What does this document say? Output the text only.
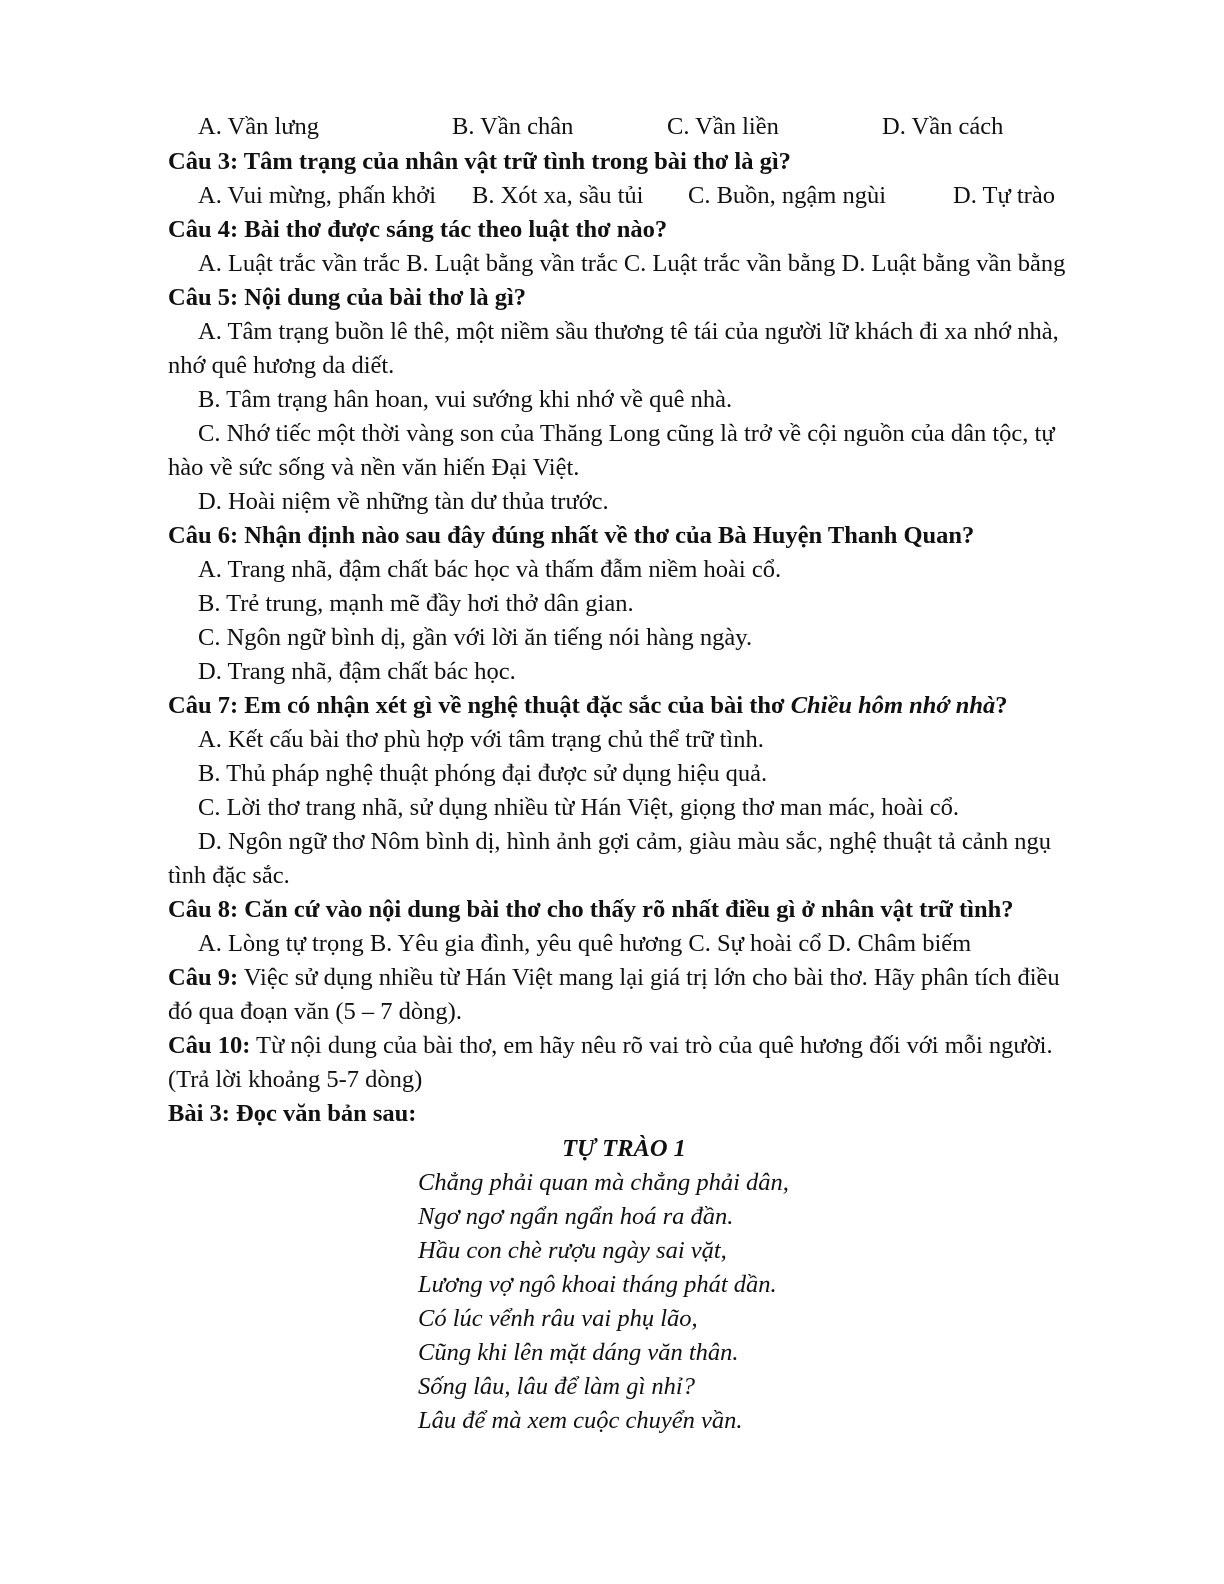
A. Vần lưng	B. Vần chân	C. Vần liền	D. Vần cách
Câu 3: Tâm trạng của nhân vật trữ tình trong bài thơ là gì?
A. Vui mừng, phấn khởi B. Xót xa, sầu tủi C. Buồn, ngậm ngùi	D. Tự trào
Câu 4: Bài thơ được sáng tác theo luật thơ nào?
A. Luật trắc vần trắc B. Luật bằng vần trắc C. Luật trắc vần bằng D. Luật bằng vần bằng
Câu 5: Nội dung của bài thơ là gì?
A. Tâm trạng buồn lê thê, một niềm sầu thương tê tái của người lữ khách đi xa nhớ nhà,
nhớ quê hương da diết.
B. Tâm trạng hân hoan, vui sướng khi nhớ về quê nhà.
C. Nhớ tiếc một thời vàng son của Thăng Long cũng là trở về cội nguồn của dân tộc, tự
hào về sức sống và nền văn hiến Đại Việt.
D. Hoài niệm về những tàn dư thủa trước.
Câu 6: Nhận định nào sau đây đúng nhất về thơ của Bà Huyện Thanh Quan?
A. Trang nhã, đậm chất bác học và thấm đẫm niềm hoài cổ.
B. Trẻ trung, mạnh mẽ đầy hơi thở dân gian.
C. Ngôn ngữ bình dị, gần với lời ăn tiếng nói hàng ngày.
D. Trang nhã, đậm chất bác học.
Câu 7: Em có nhận xét gì về nghệ thuật đặc sắc của bài thơ Chiều hôm nhớ nhà?
A. Kết cấu bài thơ phù hợp với tâm trạng chủ thể trữ tình.
B. Thủ pháp nghệ thuật phóng đại được sử dụng hiệu quả.
C. Lời thơ trang nhã, sử dụng nhiều từ Hán Việt, giọng thơ man mác, hoài cổ.
D. Ngôn ngữ thơ Nôm bình dị, hình ảnh gợi cảm, giàu màu sắc, nghệ thuật tả cảnh ngụ
tình đặc sắc.
Câu 8: Căn cứ vào nội dung bài thơ cho thấy rõ nhất điều gì ở nhân vật trữ tình?
A. Lòng tự trọng B. Yêu gia đình, yêu quê hương C. Sự hoài cổ D. Châm biếm
Câu 9: Việc sử dụng nhiều từ Hán Việt mang lại giá trị lớn cho bài thơ. Hãy phân tích điều
đó qua đoạn văn (5 – 7 dòng).
Câu 10: Từ nội dung của bài thơ, em hãy nêu rõ vai trò của quê hương đối với mỗi người.
(Trả lời khoảng 5-7 dòng)
Bài 3: Đọc văn bản sau:
TỰ TRÀO 1
Chẳng phải quan mà chẳng phải dân,
Ngơ ngơ ngẩn ngẩn hoá ra đần.
Hầu con chè rượu ngày sai vặt,
Lương vợ ngô khoai tháng phát dần.
Có lúc vểnh râu vai phụ lão,
Cũng khi lên mặt dáng văn thân.
Sống lâu, lâu để làm gì nhỉ?
Lâu để mà xem cuộc chuyển vần.
